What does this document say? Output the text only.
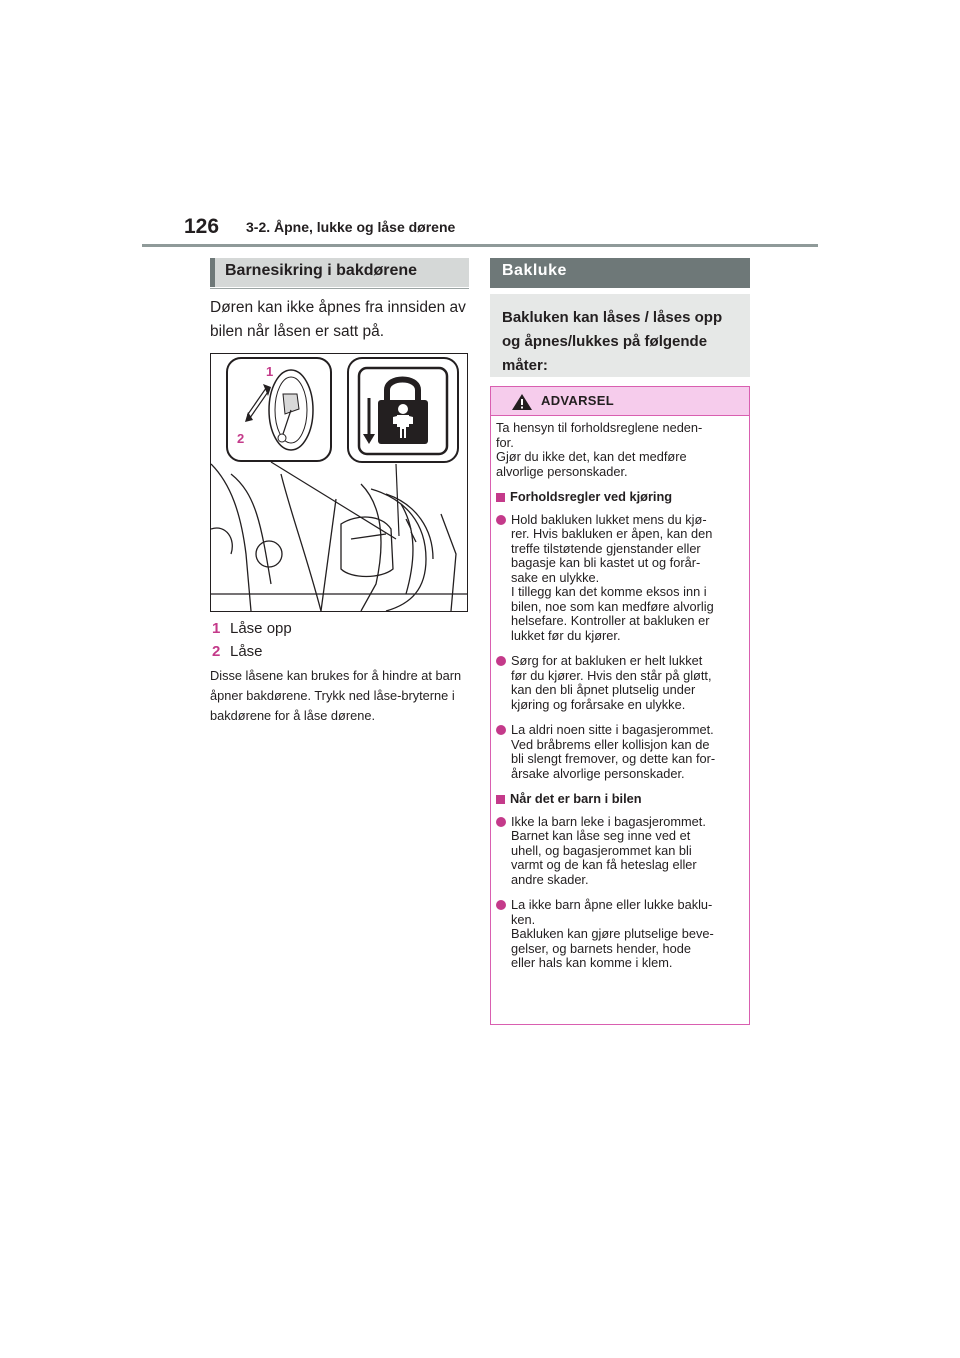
126 3-2. Åpne, lukke og låse dørene
Barnesikring i bakdørene
Døren kan ikke åpnes fra innsiden av bilen når låsen er satt på.
1
2
1 Låse opp
2 Låse
Disse låsene kan brukes for å hindre at barn åpner bakdørene. Trykk ned låse-bryterne i bakdørene for å låse dørene.
Bakluke
Bakluken kan låses / låses opp og åpnes/lukkes på følgende måter:
ADVARSEL

Ta hensyn til forholdsreglene neden-
for.
Gjør du ikke det, kan det medføre
alvorlige personskader.

Forholdsregler ved kjøring
Hold bakluken lukket mens du kjø-
rer. Hvis bakluken er åpen, kan den
treffe tilstøtende gjenstander eller
bagasje kan bli kastet ut og forår-
sake en ulykke.
I tillegg kan det komme eksos inn i
bilen, noe som kan medføre alvorlig
helsefare. Kontroller at bakluken er
lukket før du kjører.
Sørg for at bakluken er helt lukket
før du kjører. Hvis den står på gløtt,
kan den bli åpnet plutselig under
kjøring og forårsake en ulykke.
La aldri noen sitte i bagasjerommet.
Ved bråbrems eller kollisjon kan de
bli slengt fremover, og dette kan for-
årsake alvorlige personskader.
Når det er barn i bilen
Ikke la barn leke i bagasjerommet.
Barnet kan låse seg inne ved et
uhell, og bagasjerommet kan bli
varmt og de kan få heteslag eller
andre skader.
La ikke barn åpne eller lukke baklu-
ken.
Bakluken kan gjøre plutselige beve-
gelser, og barnets hender, hode
eller hals kan komme i klem.
